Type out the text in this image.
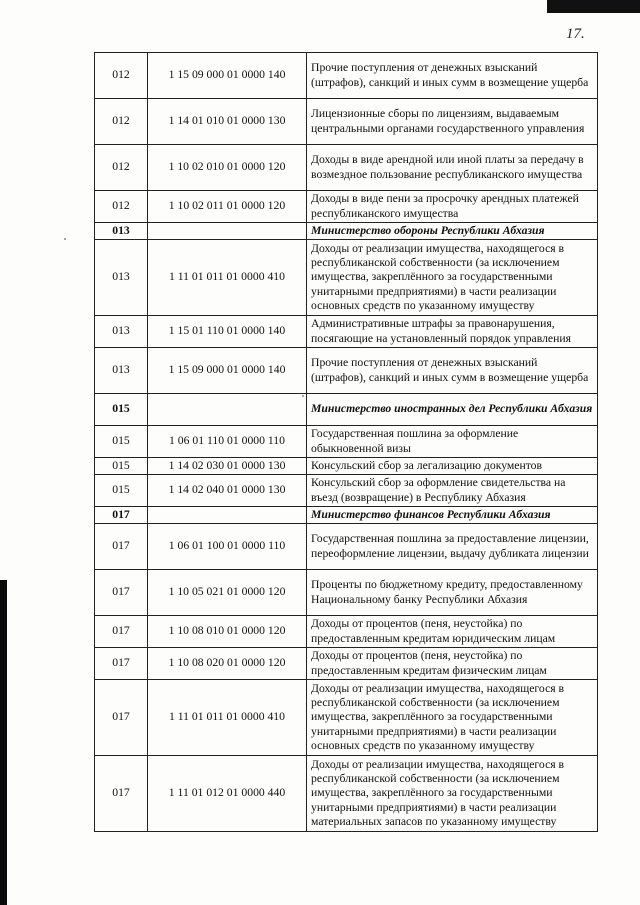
17.
012	1 15 09 000 01 0000 140	Прочие поступления от денежных взысканий (штрафов), санкций и иных сумм в возмещение ущерба
012	1 14 01 010 01 0000 130	Лицензионные сборы по лицензиям, выдаваемым центральными органами государственного управления
012	1 10 02 010 01 0000 120	Доходы в виде арендной или иной платы за передачу в возмездное пользование республиканского имущества
012	1 10 02 011 01 0000 120	Доходы в виде пени за просрочку арендных платежей республиканского имущества
013		Министерство обороны Республики Абхазия
013	1 11 01 011 01 0000 410	Доходы от реализации имущества, находящегося в республиканской собственности (за исключением имущества, закреплённого за государственными унитарными предприятиями) в части реализации основных средств по указанному имуществу
013	1 15 01 110 01 0000 140	Административные штрафы за правонарушения, посягающие на установленный порядок управления
013	1 15 09 000 01 0000 140	Прочие поступления от денежных взысканий (штрафов), санкций и иных сумм в возмещение ущерба
015		Министерство иностранных дел Республики Абхазия
015	1 06 01 110 01 0000 110	Государственная пошлина за оформление обыкновенной визы
015	1 14 02 030 01 0000 130	Консульский сбор за легализацию документов
015	1 14 02 040 01 0000 130	Консульский сбор за оформление свидетельства на въезд (возвращение) в Республику Абхазия
017		Министерство финансов Республики Абхазия
017	1 06 01 100 01 0000 110	Государственная пошлина за предоставление лицензии, переоформление лицензии, выдачу дубликата лицензии
017	1 10 05 021 01 0000 120	Проценты по бюджетному кредиту, предоставленному Национальному банку Республики Абхазия
017	1 10 08 010 01 0000 120	Доходы от процентов (пеня, неустойка) по предоставленным кредитам юридическим лицам
017	1 10 08 020 01 0000 120	Доходы от процентов (пеня, неустойка) по предоставленным кредитам физическим лицам
017	1 11 01 011 01 0000 410	Доходы от реализации имущества, находящегося в республиканской собственности (за исключением имущества, закреплённого за государственными унитарными предприятиями) в части реализации основных средств по указанному имуществу
017	1 11 01 012 01 0000 440	Доходы от реализации имущества, находящегося в республиканской собственности (за исключением имущества, закреплённого за государственными унитарными предприятиями) в части реализации материальных запасов по указанному имуществу
